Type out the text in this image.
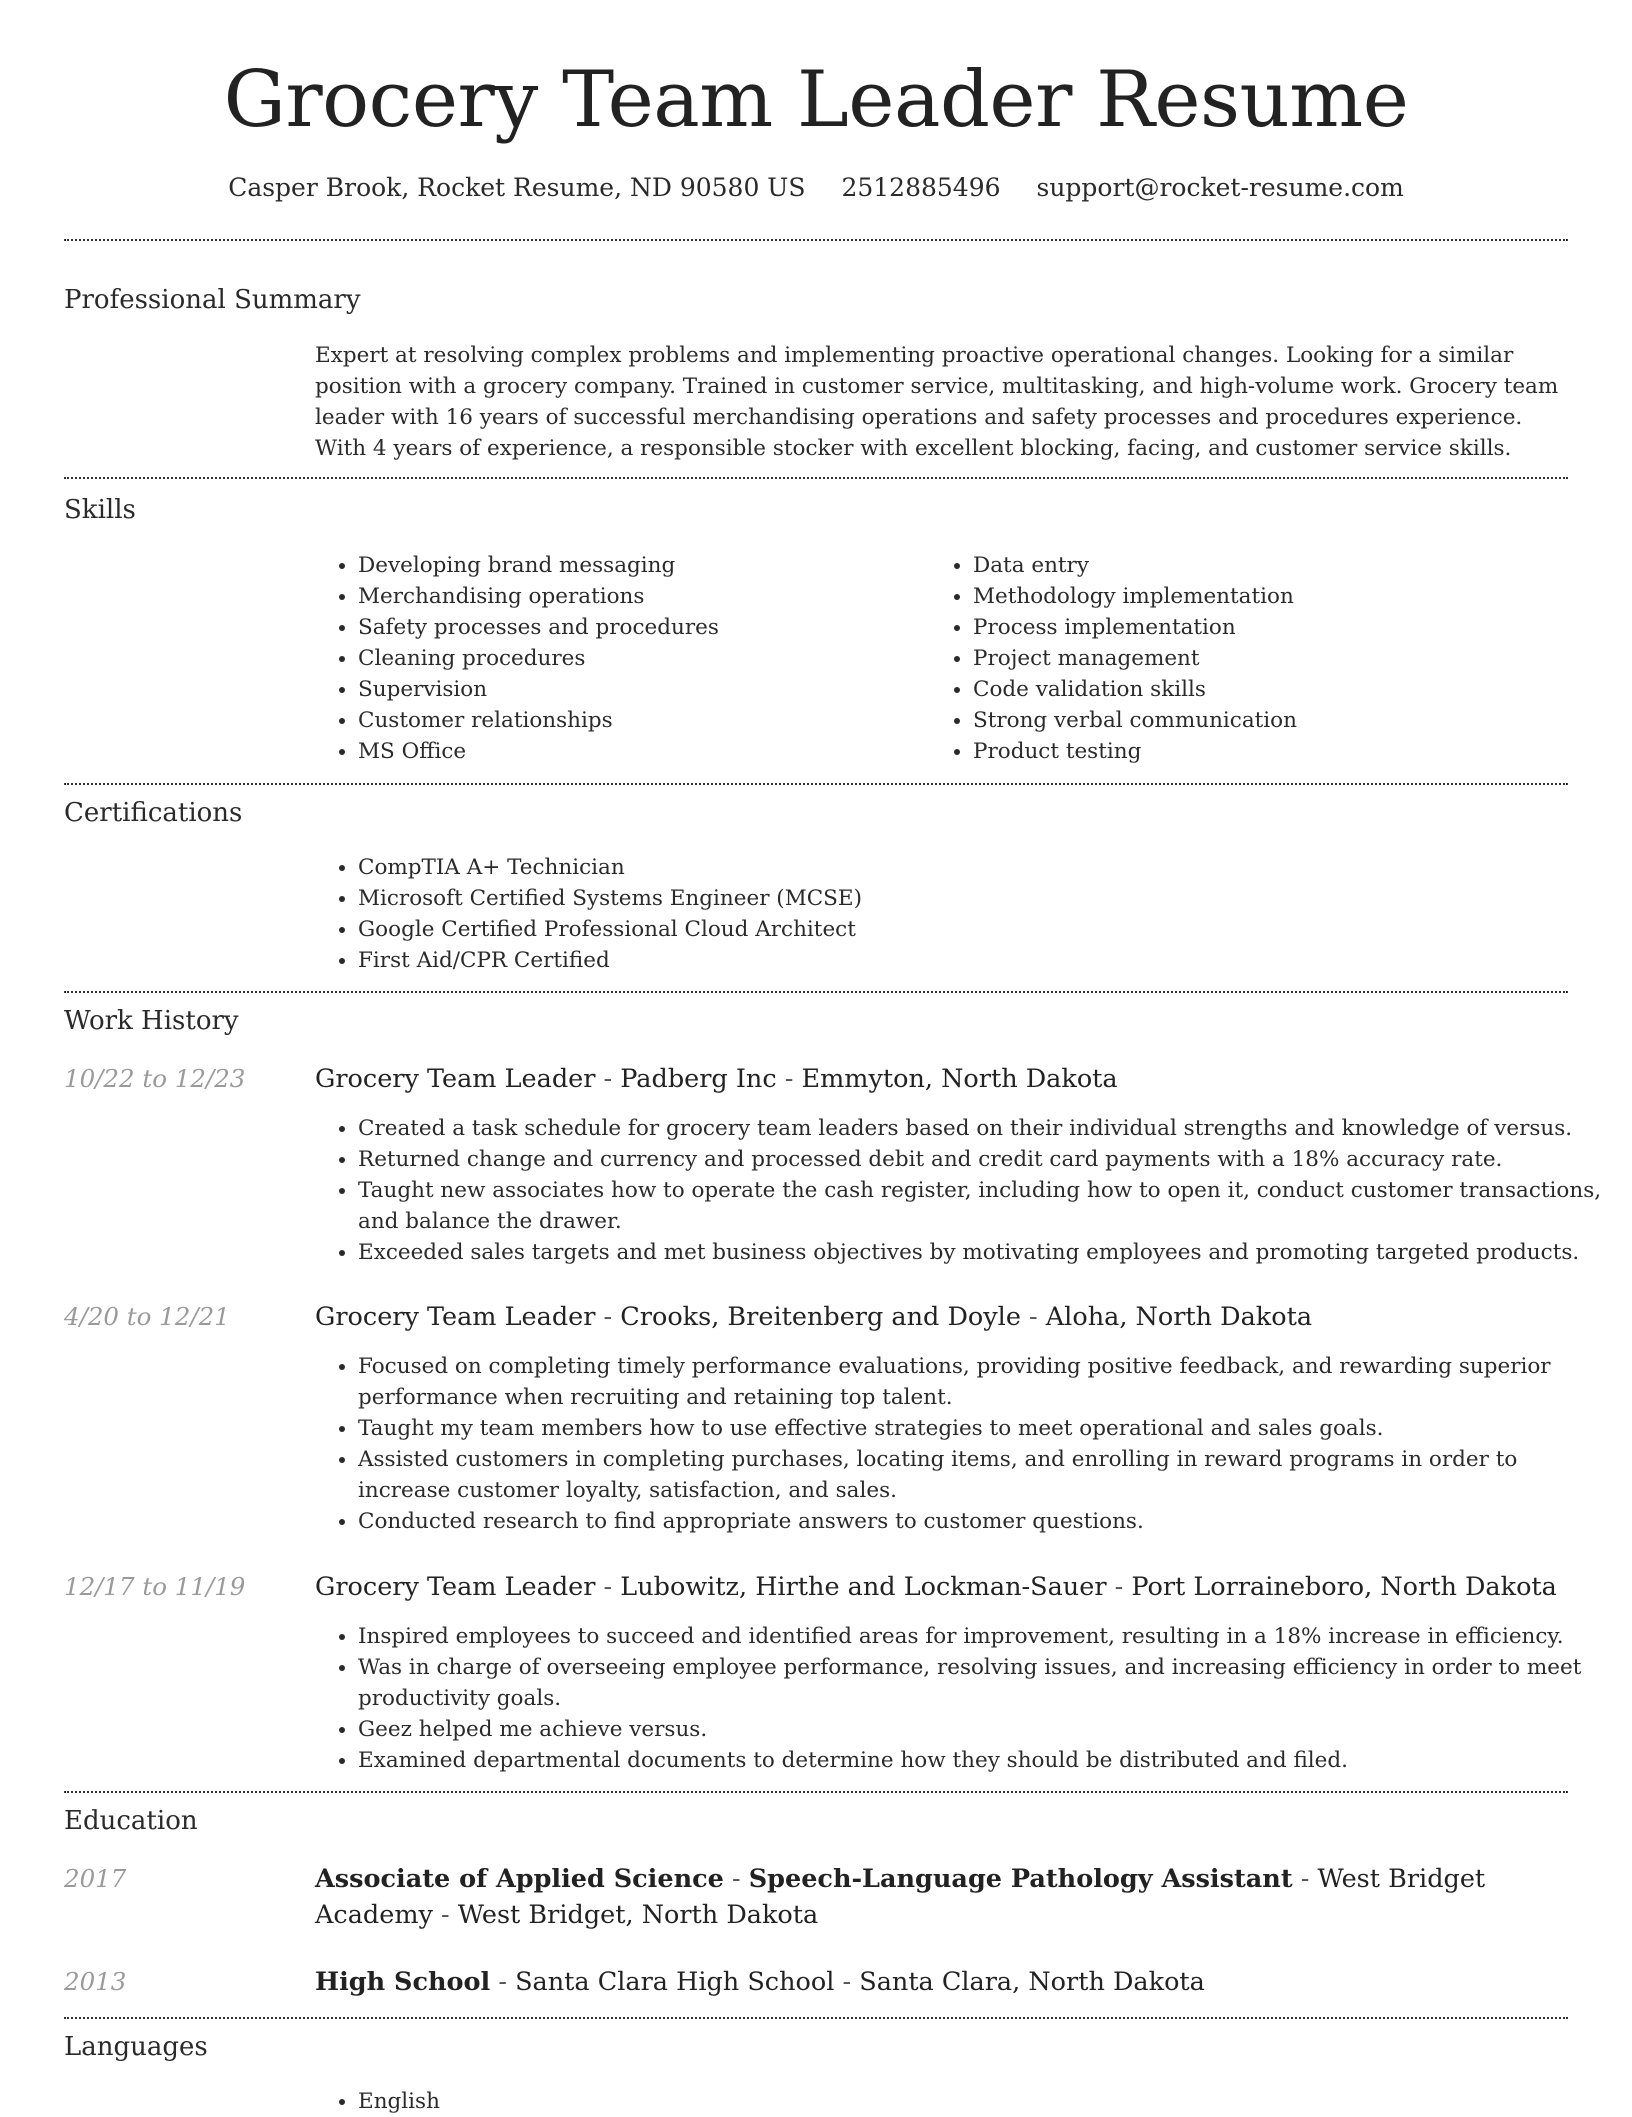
Grocery Team Leader Resume
Casper Brook, Rocket Resume, ND 90580 US 2512885496 support@rocket-resume.com
Professional Summary
Expert at resolving complex problems and implementing proactive operational changes. Looking for a similar position with a grocery company. Trained in customer service, multitasking, and high-volume work. Grocery team leader with 16 years of successful merchandising operations and safety processes and procedures experience. With 4 years of experience, a responsible stocker with excellent blocking, facing, and customer service skills.
Skills
• Developing brand messaging
• Merchandising operations
• Safety processes and procedures
• Cleaning procedures
• Supervision
• Customer relationships
• MS Office
• Data entry
• Methodology implementation
• Process implementation
• Project management
• Code validation skills
• Strong verbal communication
• Product testing
Certifications
• CompTIA A+ Technician
• Microsoft Certified Systems Engineer (MCSE)
• Google Certified Professional Cloud Architect
• First Aid/CPR Certified
Work History
10/22 to 12/23	Grocery Team Leader - Padberg Inc - Emmyton, North Dakota
• Created a task schedule for grocery team leaders based on their individual strengths and knowledge of versus.
• Returned change and currency and processed debit and credit card payments with a 18% accuracy rate.
• Taught new associates how to operate the cash register, including how to open it, conduct customer transactions, and balance the drawer.
• Exceeded sales targets and met business objectives by motivating employees and promoting targeted products.
4/20 to 12/21	Grocery Team Leader - Crooks, Breitenberg and Doyle - Aloha, North Dakota
• Focused on completing timely performance evaluations, providing positive feedback, and rewarding superior performance when recruiting and retaining top talent.
• Taught my team members how to use effective strategies to meet operational and sales goals.
• Assisted customers in completing purchases, locating items, and enrolling in reward programs in order to increase customer loyalty, satisfaction, and sales.
• Conducted research to find appropriate answers to customer questions.
12/17 to 11/19	Grocery Team Leader - Lubowitz, Hirthe and Lockman-Sauer - Port Lorraineboro, North Dakota
• Inspired employees to succeed and identified areas for improvement, resulting in a 18% increase in efficiency.
• Was in charge of overseeing employee performance, resolving issues, and increasing efficiency in order to meet productivity goals.
• Geez helped me achieve versus.
• Examined departmental documents to determine how they should be distributed and filed.
Education
2017	Associate of Applied Science - Speech-Language Pathology Assistant - West Bridget Academy - West Bridget, North Dakota
2013	High School - Santa Clara High School - Santa Clara, North Dakota
Languages
• English
